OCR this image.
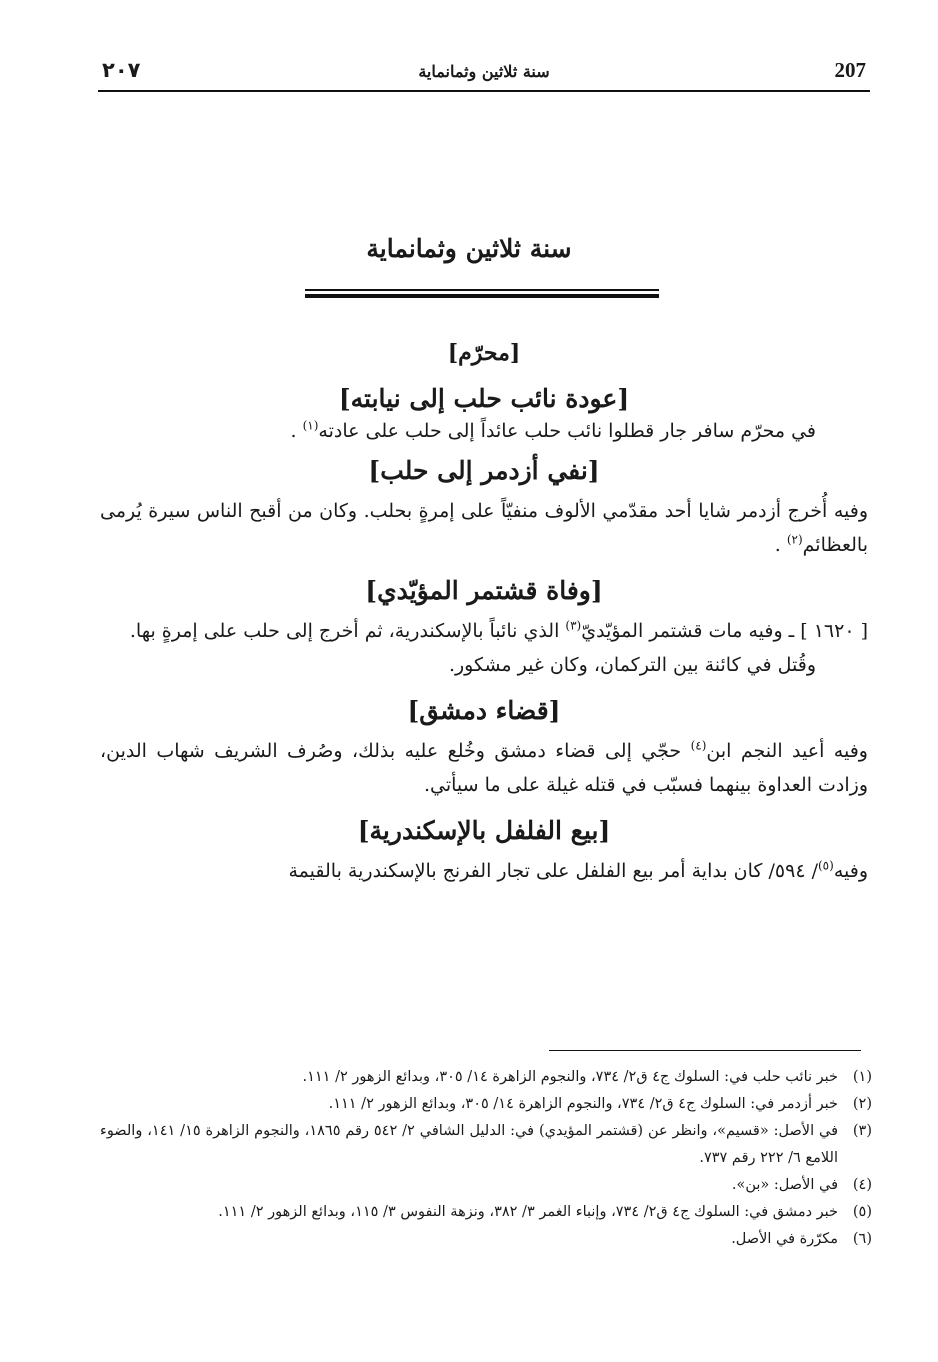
٢٠٧	سنة ثلاثين وثمانماية	207
سنة ثلاثين وثمانماية

[محرّم]

[عودة نائب حلب إلى نيابته]

في محرّم سافر جار قطلوا نائب حلب عائداً إلى حلب على عادته$^{(١)}$ .

[نفي أزدمر إلى حلب]

وفيه أُخرج أزدمر شايا أحد مقدّمي الألوف منفيّاً على إمرةٍ بحلب. وكان من أقبح الناس سيرة يُرمى بالعظائم$^{(٢)}$ .

[وفاة قشتمر المؤيّدي]

[ ١٦٢٠ ] ـ وفيه مات قشتمر المؤيّديّ$^{(٣)}$ الذي نائباً بالإسكندرية، ثم أخرج إلى حلب على إمرةٍ بها.

وقُتل في كائنة بين التركمان، وكان غير مشكور.

[قضاء دمشق]

وفيه أعيد النجم ابن$^{(٤)}$ حجّي إلى قضاء دمشق وخُلع عليه بذلك، وصُرف الشريف شهاب الدين، وزادت العداوة بينهما فسبّب في قتله غيلة على ما سيأتي.

[بيع الفلفل بالإسكندرية]

وفيه$^{(٥)}$/ ٥٩٤/ كان بداية أمر بيع الفلفل على تجار الفرنج بالإسكندرية بالقيمة

(١)
خبر نائب حلب في: السلوك ج٤ ق٢/ ٧٣٤، والنجوم الزاهرة ١٤/ ٣٠٥، وبدائع الزهور ٢/ ١١١.
(٢)
خبر أزدمر في: السلوك ج٤ ق٢/ ٧٣٤، والنجوم الزاهرة ١٤/ ٣٠٥، وبدائع الزهور ٢/ ١١١.
(٣)
في الأصل: «قسيم»، وانظر عن (قشتمر المؤيدي) في: الدليل الشافي ٢/ ٥٤٢ رقم ١٨٦٥، والنجوم الزاهرة ١٥/ ١٤١، والضوء اللامع ٦/ ٢٢٢ رقم ٧٣٧.
(٤)
في الأصل: «بن».
(٥)
خبر دمشق في: السلوك ج٤ ق٢/ ٧٣٤، وإنباء الغمر ٣/ ٣٨٢، ونزهة النفوس ٣/ ١١٥، وبدائع الزهور ٢/ ١١١.
(٦)
مكرّرة في الأصل.
